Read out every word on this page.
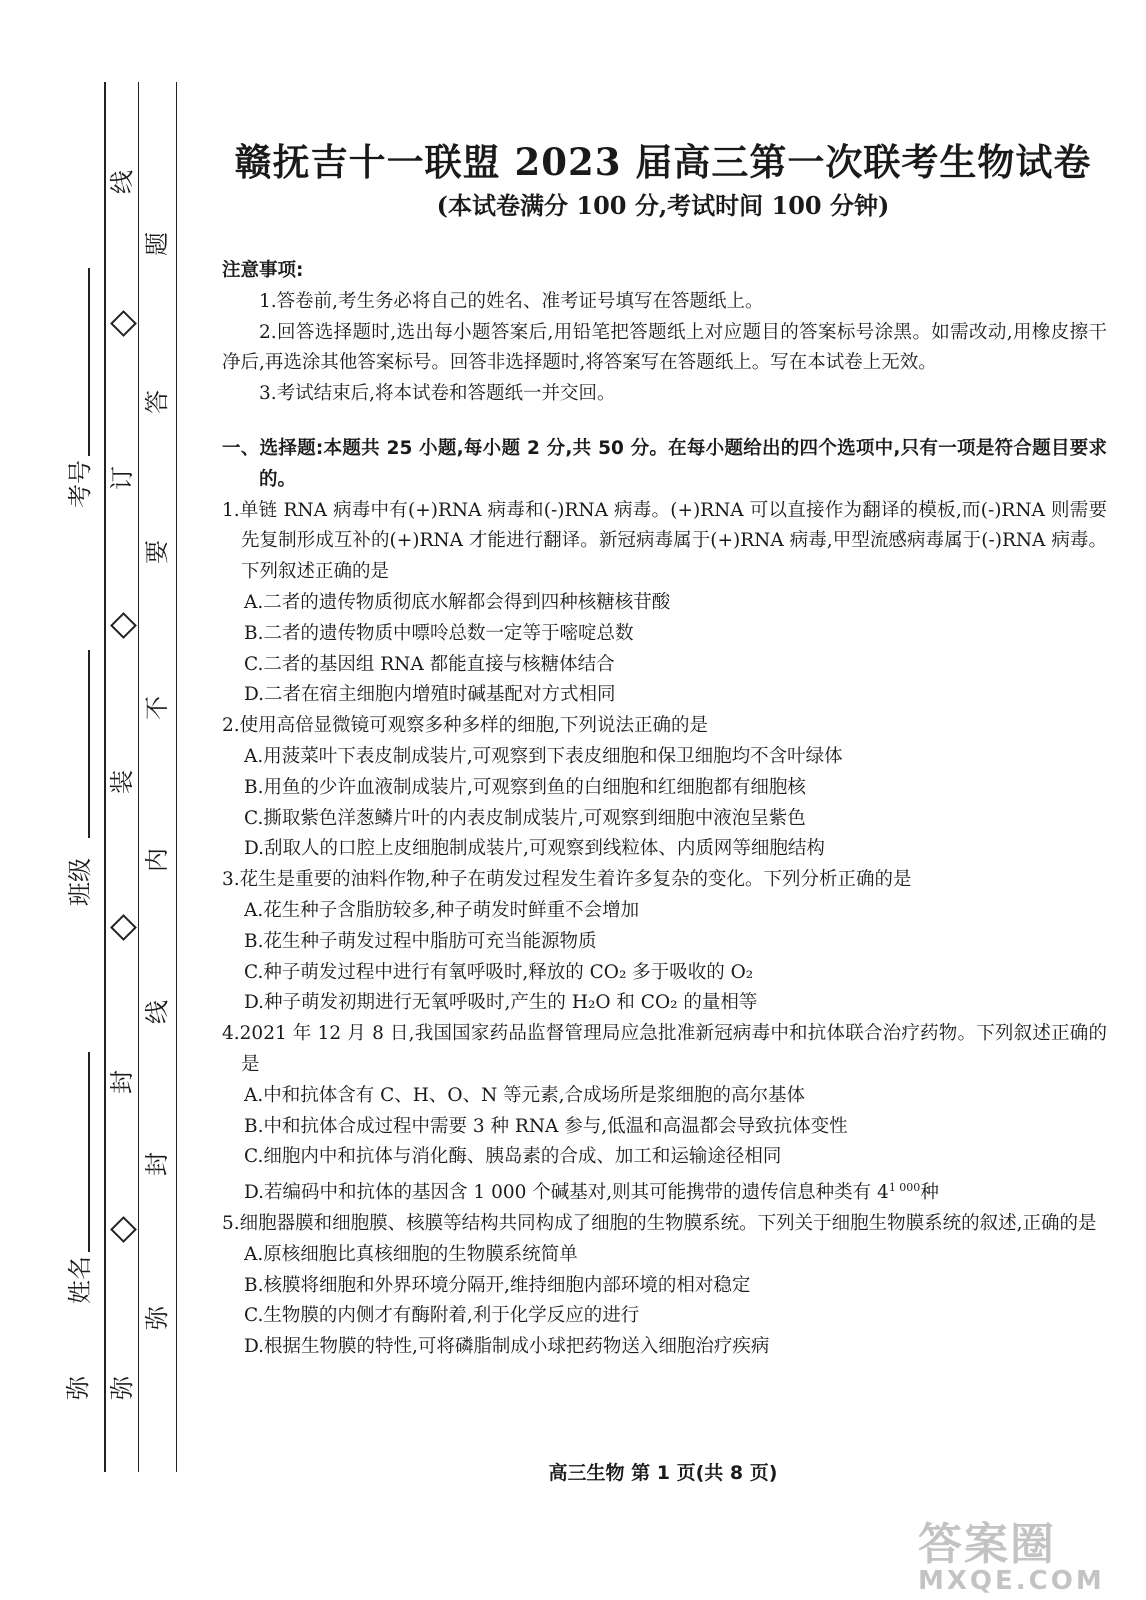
弥
姓名
班级
考号
线
订
装
封
弥
题
答
要
不
内
线
封
弥
赣抚吉十一联盟 2023 届高三第一次联考生物试卷
(本试卷满分 100 分,考试时间 100 分钟)

注意事项:

1.答卷前,考生务必将自己的姓名、准考证号填写在答题纸上。

2.回答选择题时,选出每小题答案后,用铅笔把答题纸上对应题目的答案标号涂黑。如需改动,用橡皮擦干净后,再选涂其他答案标号。回答非选择题时,将答案写在答题纸上。写在本试卷上无效。

3.考试结束后,将本试卷和答题纸一并交回。

一、选择题:本题共 25 小题,每小题 2 分,共 50 分。在每小题给出的四个选项中,只有一项是符合题目要求的。

1.单链 RNA 病毒中有(+)RNA 病毒和(-)RNA 病毒。(+)RNA 可以直接作为翻译的模板,而(-)RNA 则需要先复制形成互补的(+)RNA 才能进行翻译。新冠病毒属于(+)RNA 病毒,甲型流感病毒属于(-)RNA 病毒。下列叙述正确的是

A.二者的遗传物质彻底水解都会得到四种核糖核苷酸

B.二者的遗传物质中嘌呤总数一定等于嘧啶总数

C.二者的基因组 RNA 都能直接与核糖体结合

D.二者在宿主细胞内增殖时碱基配对方式相同

2.使用高倍显微镜可观察多种多样的细胞,下列说法正确的是

A.用菠菜叶下表皮制成装片,可观察到下表皮细胞和保卫细胞均不含叶绿体

B.用鱼的少许血液制成装片,可观察到鱼的白细胞和红细胞都有细胞核

C.撕取紫色洋葱鳞片叶的内表皮制成装片,可观察到细胞中液泡呈紫色

D.刮取人的口腔上皮细胞制成装片,可观察到线粒体、内质网等细胞结构

3.花生是重要的油料作物,种子在萌发过程发生着许多复杂的变化。下列分析正确的是

A.花生种子含脂肪较多,种子萌发时鲜重不会增加

B.花生种子萌发过程中脂肪可充当能源物质

C.种子萌发过程中进行有氧呼吸时,释放的 CO₂ 多于吸收的 O₂

D.种子萌发初期进行无氧呼吸时,产生的 H₂O 和 CO₂ 的量相等

4.2021 年 12 月 8 日,我国国家药品监督管理局应急批准新冠病毒中和抗体联合治疗药物。下列叙述正确的是

A.中和抗体含有 C、H、O、N 等元素,合成场所是浆细胞的高尔基体

B.中和抗体合成过程中需要 3 种 RNA 参与,低温和高温都会导致抗体变性

C.细胞内中和抗体与消化酶、胰岛素的合成、加工和运输途径相同

D.若编码中和抗体的基因含 1 000 个碱基对,则其可能携带的遗传信息种类有 $4^{1 000}$种

5.细胞器膜和细胞膜、核膜等结构共同构成了细胞的生物膜系统。下列关于细胞生物膜系统的叙述,正确的是

A.原核细胞比真核细胞的生物膜系统简单

B.核膜将细胞和外界环境分隔开,维持细胞内部环境的相对稳定

C.生物膜的内侧才有酶附着,利于化学反应的进行

D.根据生物膜的特性,可将磷脂制成小球把药物送入细胞治疗疾病

高三生物 第 1 页(共 8 页)
答案圈
MXQE.COM
